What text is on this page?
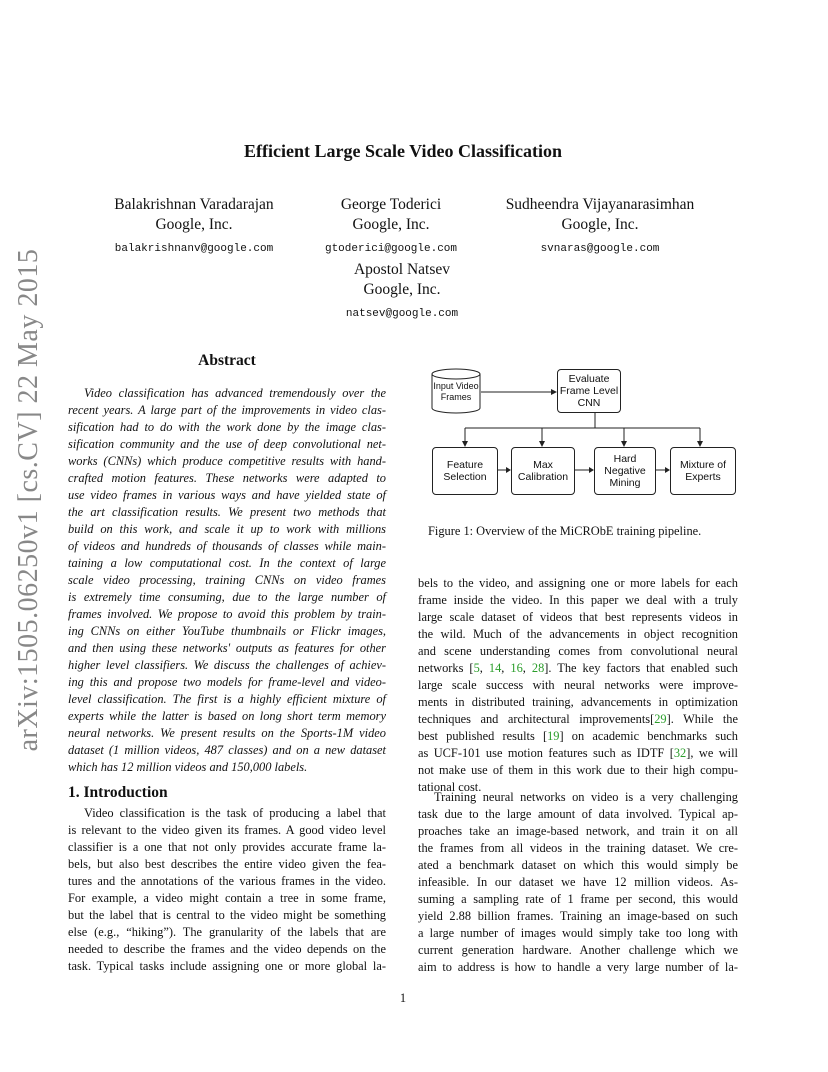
arXiv:1505.06250v1 [cs.CV] 22 May 2015
Efficient Large Scale Video Classification
Balakrishnan Varadarajan
Google, Inc.
balakrishnanv@google.com
George Toderici
Google, Inc.
gtoderici@google.com
Sudheendra Vijayanarasimhan
Google, Inc.
svnaras@google.com
Apostol Natsev
Google, Inc.
natsev@google.com
Abstract
Video classification has advanced tremendously over the
recent years. A large part of the improvements in video clas-
sification had to do with the work done by the image clas-
sification community and the use of deep convolutional net-
works (CNNs) which produce competitive results with hand-
crafted motion features. These networks were adapted to
use video frames in various ways and have yielded state of
the art classification results. We present two methods that
build on this work, and scale it up to work with millions
of videos and hundreds of thousands of classes while main-
taining a low computational cost. In the context of large
scale video processing, training CNNs on video frames
is extremely time consuming, due to the large number of
frames involved. We propose to avoid this problem by train-
ing CNNs on either YouTube thumbnails or Flickr images,
and then using these networks' outputs as features for other
higher level classifiers. We discuss the challenges of achiev-
ing this and propose two models for frame-level and video-
level classification. The first is a highly efficient mixture of
experts while the latter is based on long short term memory
neural networks. We present results on the Sports-1M video
dataset (1 million videos, 487 classes) and on a new dataset
which has 12 million videos and 150,000 labels.
1. Introduction
Video classification is the task of producing a label that
is relevant to the video given its frames. A good video level
classifier is a one that not only provides accurate frame la-
bels, but also best describes the entire video given the fea-
tures and the annotations of the various frames in the video.
For example, a video might contain a tree in some frame,
but the label that is central to the video might be something
else (e.g., “hiking”). The granularity of the labels that are
needed to describe the frames and the video depends on the
task. Typical tasks include assigning one or more global la-
Input Video Frames
Evaluate Frame Level CNN
Feature Selection
Max Calibration
Hard Negative Mining
Mixture of Experts
Figure 1: Overview of the MiCRObE training pipeline.
bels to the video, and assigning one or more labels for each
frame inside the video. In this paper we deal with a truly
large scale dataset of videos that best represents videos in
the wild. Much of the advancements in object recognition
and scene understanding comes from convolutional neural
networks [5, 14, 16, 28]. The key factors that enabled such
large scale success with neural networks were improve-
ments in distributed training, advancements in optimization
techniques and architectural improvements[29]. While the
best published results [19] on academic benchmarks such
as UCF-101 use motion features such as IDTF [32], we will
not make use of them in this work due to their high compu-
tational cost.
Training neural networks on video is a very challenging
task due to the large amount of data involved. Typical ap-
proaches take an image-based network, and train it on all
the frames from all videos in the training dataset. We cre-
ated a benchmark dataset on which this would simply be
infeasible. In our dataset we have 12 million videos. As-
suming a sampling rate of 1 frame per second, this would
yield 2.88 billion frames. Training an image-based on such
a large number of images would simply take too long with
current generation hardware. Another challenge which we
aim to address is how to handle a very large number of la-
1
